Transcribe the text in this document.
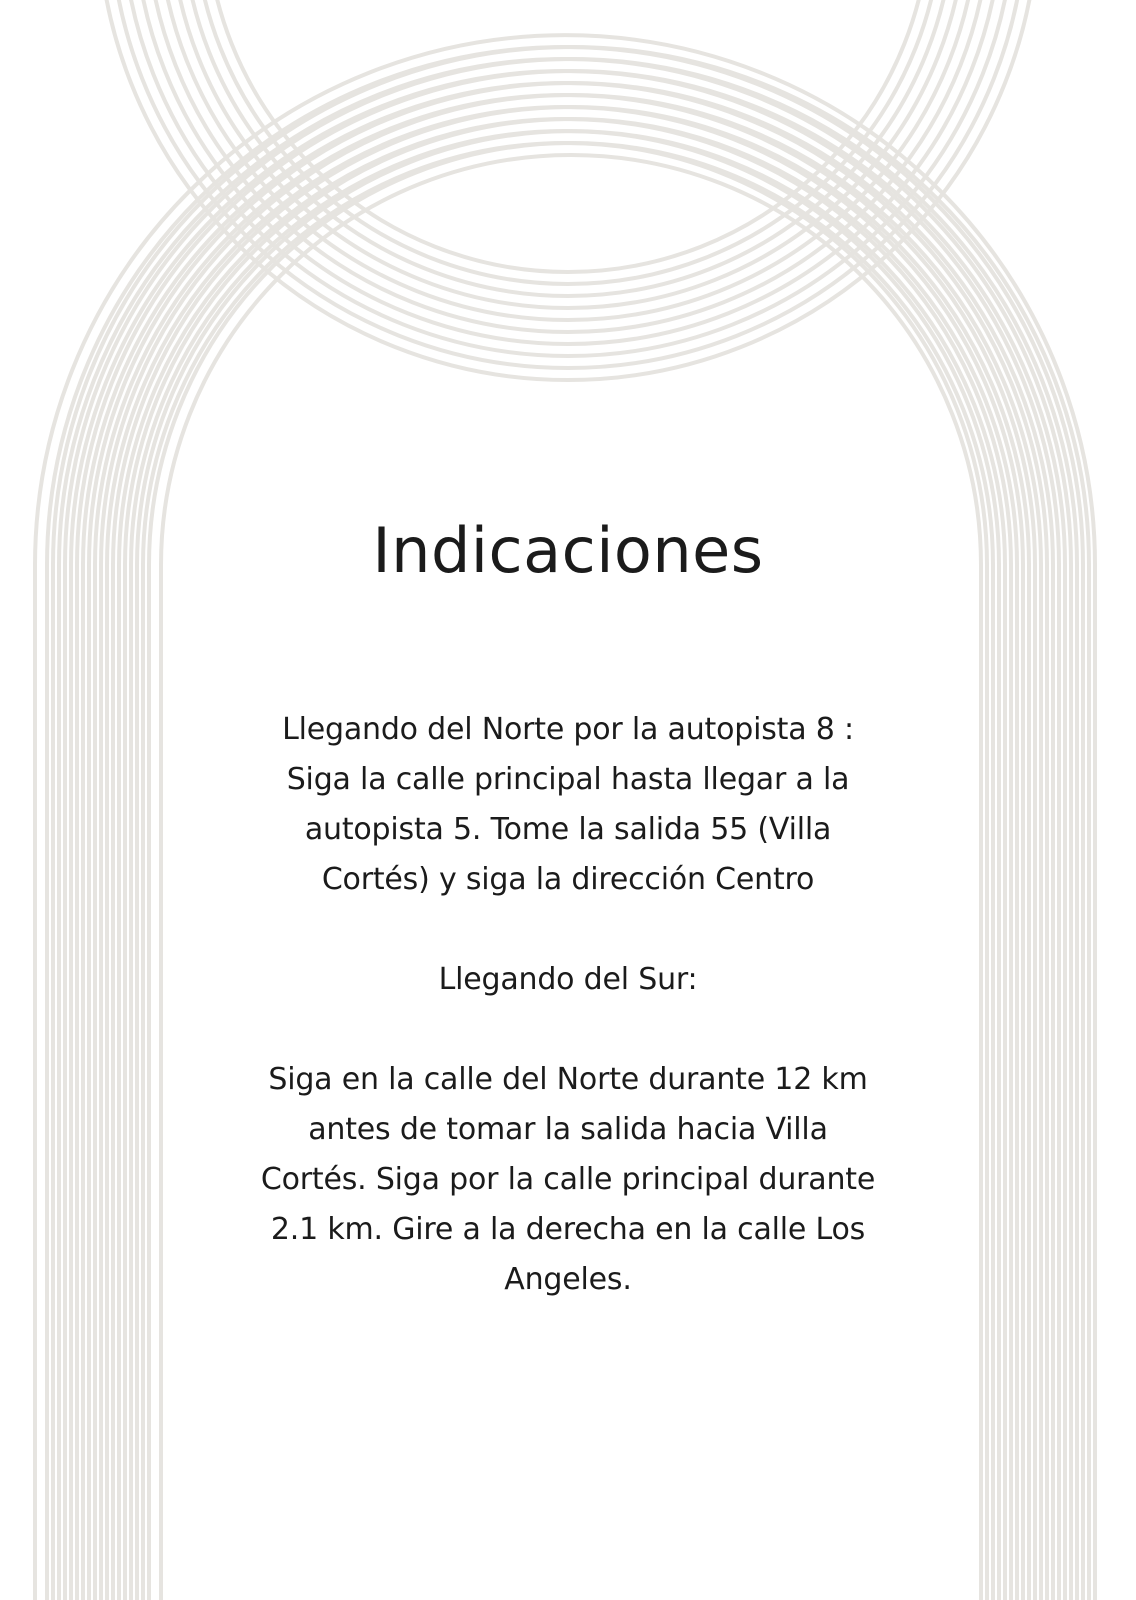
Indicaciones
Llegando del Norte por la autopista 8 :
Siga la calle principal hasta llegar a la
autopista 5. Tome la salida 55 (Villa
Cortés) y siga la dirección Centro
Llegando del Sur:
Siga en la calle del Norte durante 12 km
antes de tomar la salida hacia Villa
Cortés. Siga por la calle principal durante
2.1 km. Gire a la derecha en la calle Los
Angeles.
